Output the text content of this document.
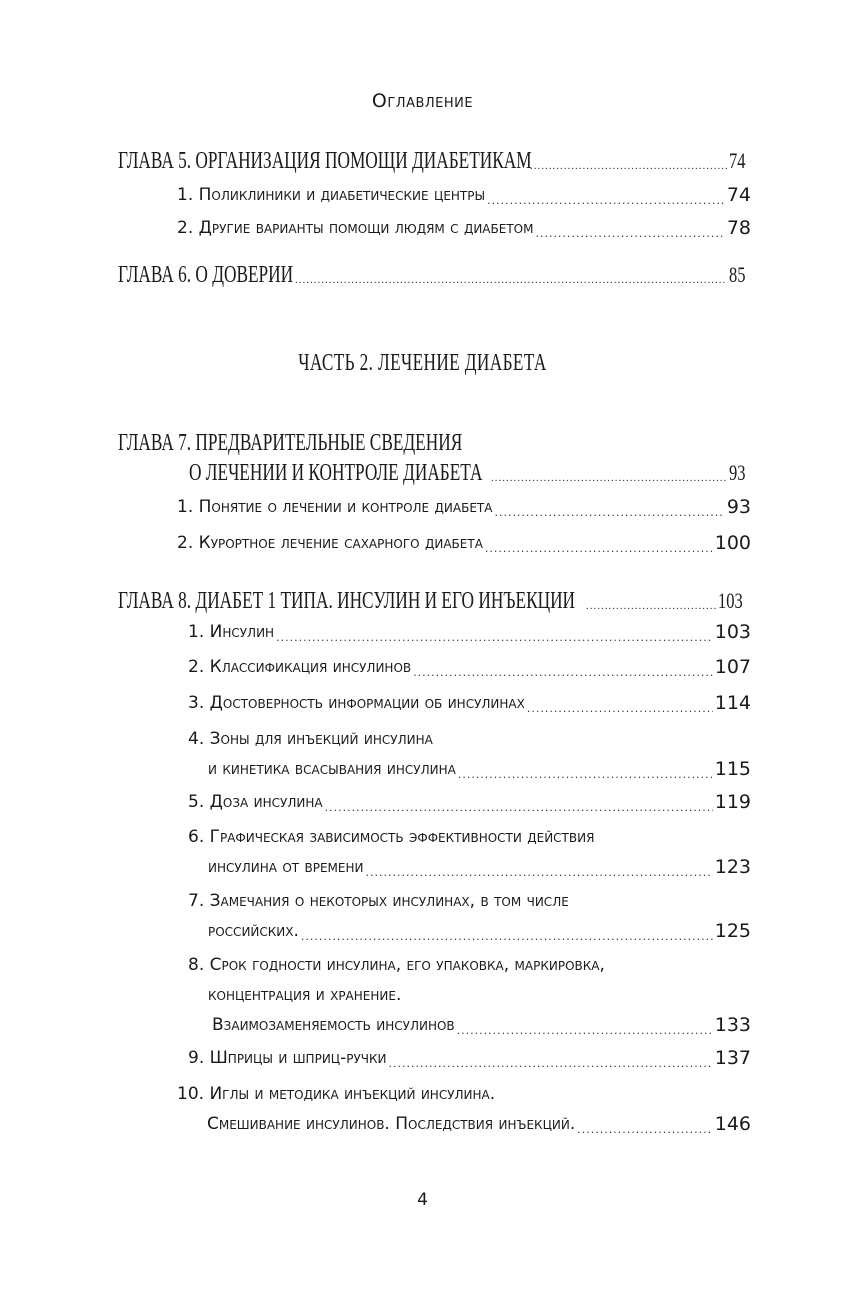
Оглавление
ГЛАВА 5. ОРГАНИЗАЦИЯ ПОМОЩИ ДИАБЕТИКАМ .....	74
1. Поликлиники и диабетические центры .....	74
2. Другие варианты помощи людям с диабетом .....	78
ГЛАВА 6. О ДОВЕРИИ .....	85
ЧАСТЬ 2. ЛЕЧЕНИЕ ДИАБЕТА
ГЛАВА 7. ПРЕДВАРИТЕЛЬНЫЕ СВЕДЕНИЯ
О ЛЕЧЕНИИ И КОНТРОЛЕ ДИАБЕТА .....	93
1. Понятие о лечении и контроле диабета .....	93
2. Курортное лечение сахарного диабета .....	100
ГЛАВА 8. ДИАБЕТ 1 ТИПА. ИНСУЛИН И ЕГО ИНЪЕКЦИИ .....	103
1. Инсулин .....	103
2. Классификация инсулинов .....	107
3. Достоверность информации об инсулинах .....	114
4. Зоны для инъекций инсулина
и кинетика всасывания инсулина .....	115
5. Доза инсулина .....	119
6. Графическая зависимость эффективности действия
инсулина от времени .....	123
7. Замечания о некоторых инсулинах, в том числе
российских. .....	125
8. Срок годности инсулина, его упаковка, маркировка,
концентрация и хранение.
Взаимозаменяемость инсулинов .....	133
9. Шприцы и шприц-ручки .....	137
10. Иглы и методика инъекций инсулина.
Смешивание инсулинов. Последствия инъекций. .....	146
4
